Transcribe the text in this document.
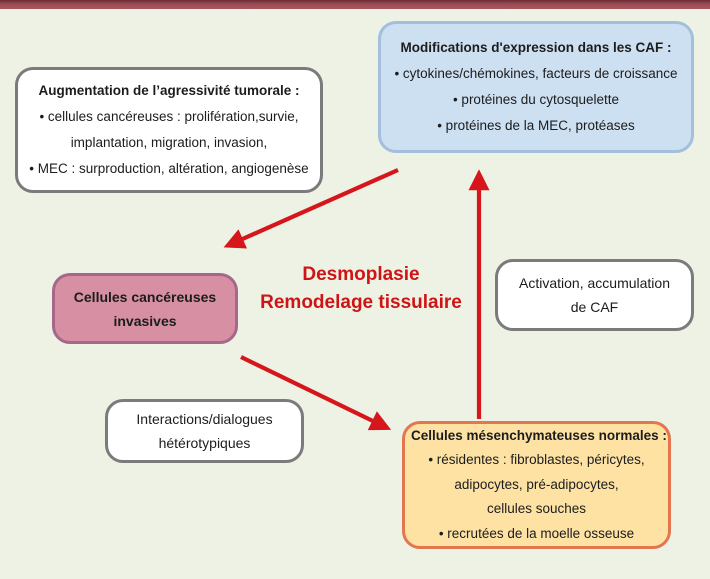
Augmentation de l’agressivité tumorale :
• cellules cancéreuses : prolifération,survie,
implantation, migration, invasion,
• MEC : surproduction, altération, angiogenèse
Modifications d'expression dans les CAF :
• cytokines/chémokines, facteurs de croissance
• protéines du cytosquelette
• protéines de la MEC, protéases
Cellules cancéreuses
invasives
Activation, accumulation
de CAF
Interactions/dialogues
hétérotypiques	Cellules mésenchymateuses normales :
• résidentes : fibroblastes, péricytes,
adipocytes, pré-adipocytes,
cellules souches
• recrutées de la moelle osseuse
Desmoplasie
Remodelage tissulaire
